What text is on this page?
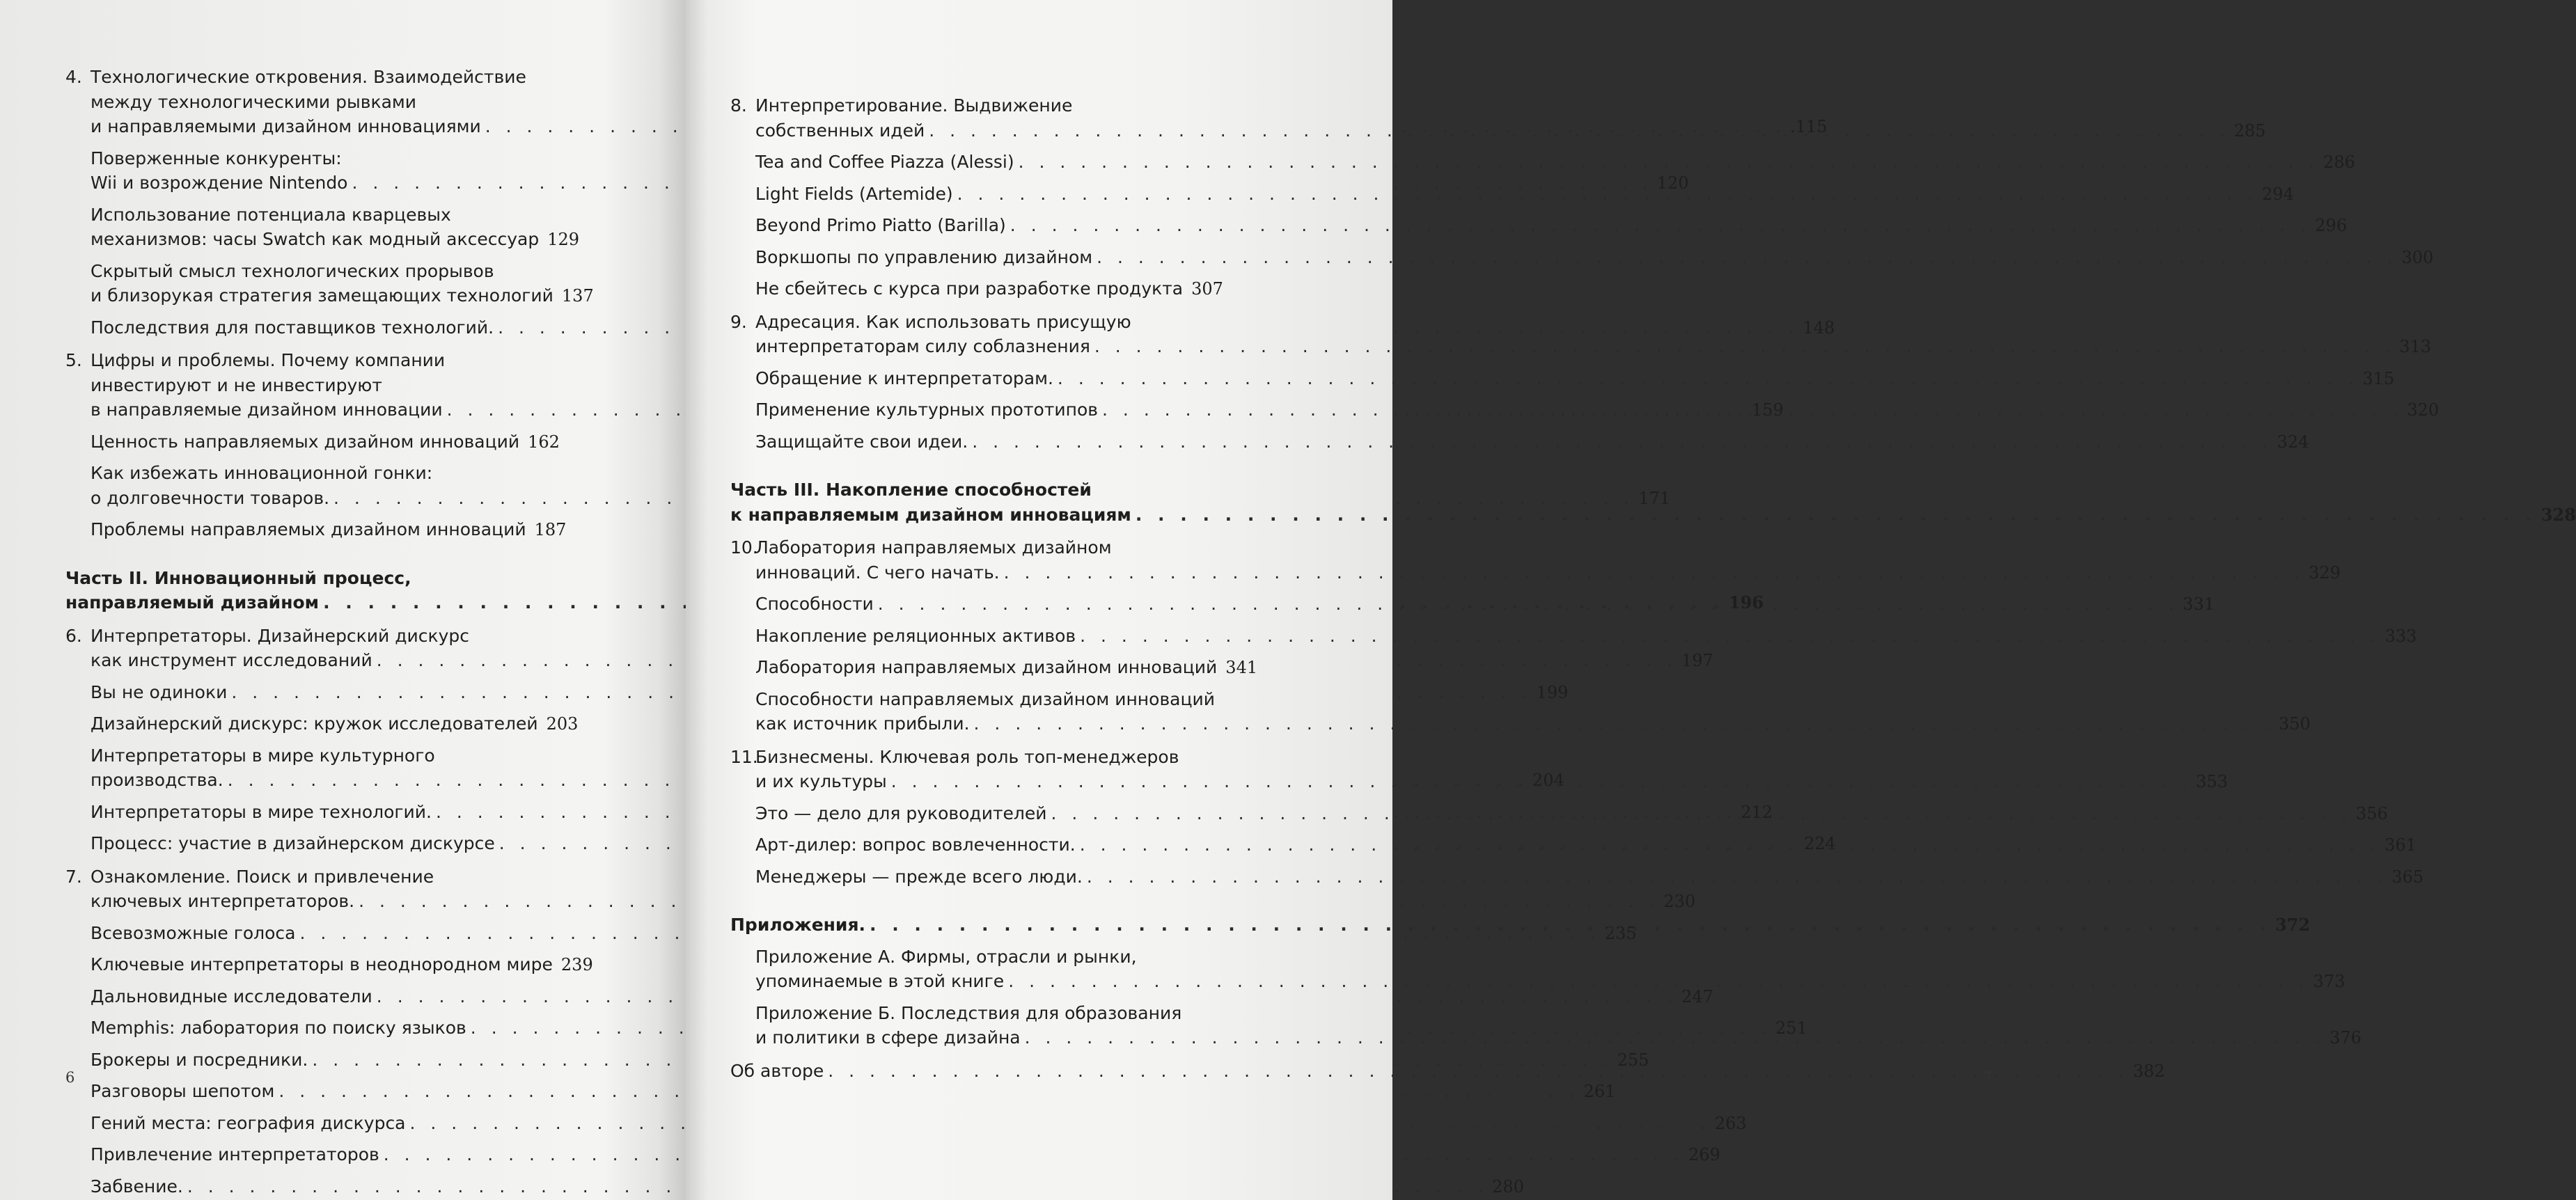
4. Технологические откровения. Взаимодействие
между технологическими рывками
и направляемыми дизайном инновациями . . .	.115
Поверженные конкуренты:
Wii и возрождение Nintendo . . .	120
Использование потенциала кварцевых
механизмов: часы Swatch как модный аксессуар 129
Скрытый смысл технологических прорывов
и близорукая стратегия замещающих технологий 137
Последствия для поставщиков технологий. . . .	148
5. Цифры и проблемы. Почему компании
инвестируют и не инвестируют
в направляемые дизайном инновации . . .	159
Ценность направляемых дизайном инноваций 162
Как избежать инновационной гонки:
о долговечности товаров. . . .	171
Проблемы направляемых дизайном инноваций 187
Часть II. Инновационный процесс,
направляемый дизайном . . .	196
6. Интерпретаторы. Дизайнерский дискурс
как инструмент исследований . . .	197
Вы не одиноки . . .	199
Дизайнерский дискурс: кружок исследователей 203
Интерпретаторы в мире культурного
производства. . . .	204
Интерпретаторы в мире технологий. . . .	212
Процесс: участие в дизайнерском дискурсе . . .	224
7. Ознакомление. Поиск и привлечение
ключевых интерпретаторов. . . .	230
Всевозможные голоса . . .	235
Ключевые интерпретаторы в неоднородном мире 239
Дальновидные исследователи . . .	247
Memphis: лаборатория по поиску языков . . .	251
Брокеры и посредники. . . .	255
Разговоры шепотом . . .	261
Гений места: география дискурса . . .	263
Привлечение интерпретаторов . . .	269
Забвение. . . .	280
6
8. Интерпретирование. Выдвижение
собственных идей . . .	285
Tea and Coffee Piazza (Alessi) . . .	286
Light Fields (Artemide) . . .	294
Beyond Primo Piatto (Barilla) . . .	296
Воркшопы по управлению дизайном . . .	300
Не сбейтесь с курса при разработке продукта 307
9. Адресация. Как использовать присущую
интерпретаторам силу соблазнения . . .	313
Обращение к интерпретаторам. . . .	315
Применение культурных прототипов . . .	320
Защищайте свои идеи. . . .	324
Часть III. Накопление способностей
к направляемым дизайном инновациям . . .	328
10.
Лаборатория направляемых дизайном
инноваций. С чего начать. . . .	329
Способности . . .	331
Накопление реляционных активов . . .	333
Лаборатория направляемых дизайном инноваций 341
Способности направляемых дизайном инноваций
как источник прибыли. . . .	350
11.
Бизнесмены. Ключевая роль топ-менеджеров
и их культуры . . .	353
Это — дело для руководителей . . .	356
Арт-дилер: вопрос вовлеченности. . . .	361
Менеджеры — прежде всего люди. . . .	365
Приложения. . . .	372
Приложение А. Фирмы, отрасли и рынки,
упоминаемые в этой книге . . .	373
Приложение Б. Последствия для образования
и политики в сфере дизайна . . .	376
Об авторе . . .	382
7
